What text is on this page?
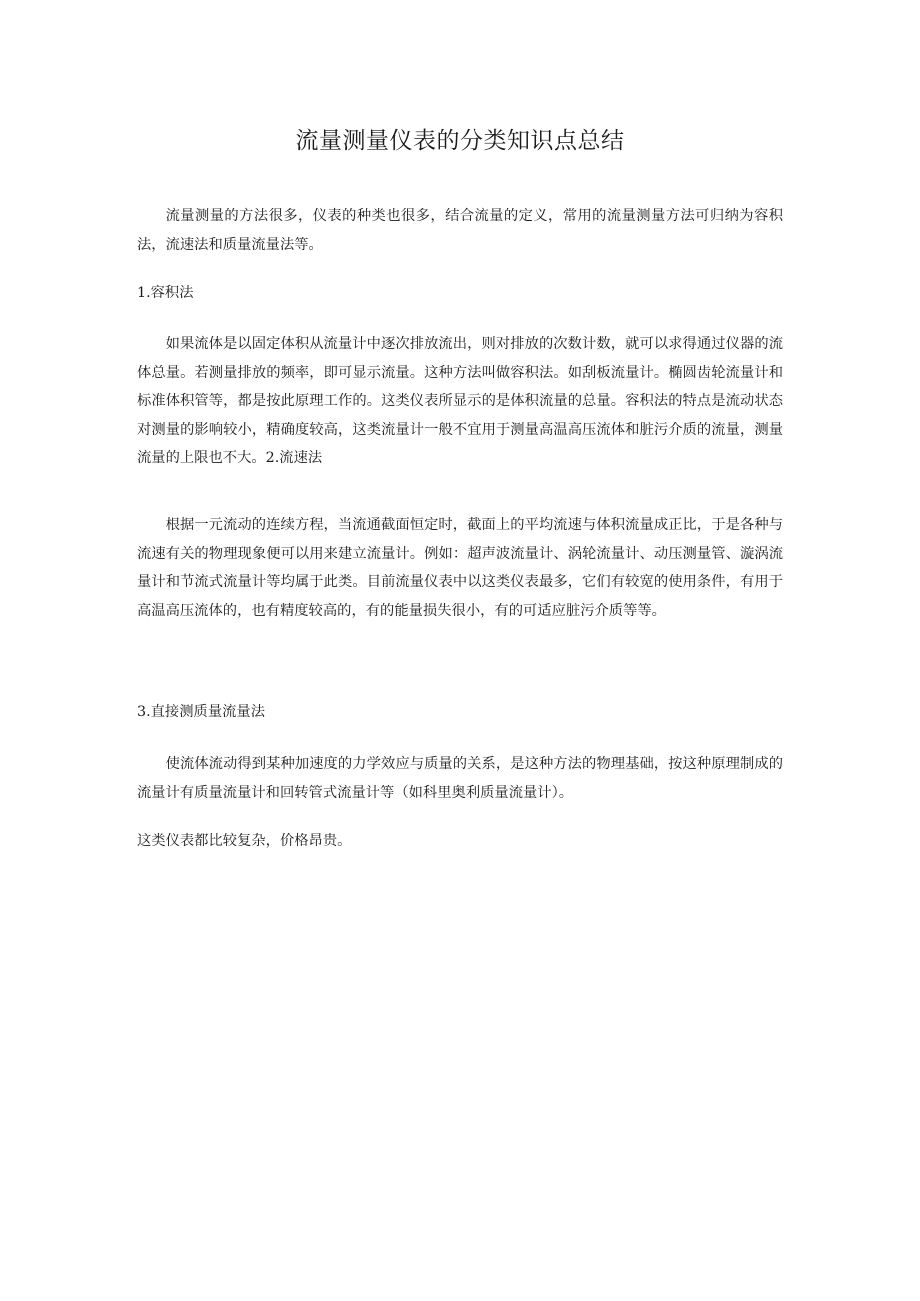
流量测量仪表的分类知识点总结

流量测量的方法很多，仪表的种类也很多，结合流量的定义，常用的流量测量方法可归纳为容积法，流速法和质量流量法等。

1.容积法

如果流体是以固定体积从流量计中逐次排放流出，则对排放的次数计数，就可以求得通过仪器的流体总量。若测量排放的频率，即可显示流量。这种方法叫做容积法。如刮板流量计。椭圆齿轮流量计和标准体积管等，都是按此原理工作的。这类仪表所显示的是体积流量的总量。容积法的特点是流动状态对测量的影响较小，精确度较高，这类流量计一般不宜用于测量高温高压流体和脏污介质的流量，测量流量的上限也不大。2.流速法

根据一元流动的连续方程，当流通截面恒定时，截面上的平均流速与体积流量成正比，于是各种与流速有关的物理现象便可以用来建立流量计。例如：超声波流量计、涡轮流量计、动压测量管、漩涡流量计和节流式流量计等均属于此类。目前流量仪表中以这类仪表最多，它们有较宽的使用条件，有用于高温高压流体的，也有精度较高的，有的能量损失很小，有的可适应脏污介质等等。

3.直接测质量流量法

使流体流动得到某种加速度的力学效应与质量的关系，是这种方法的物理基础，按这种原理制成的流量计有质量流量计和回转管式流量计等（如科里奥利质量流量计）。

这类仪表都比较复杂，价格昂贵。
